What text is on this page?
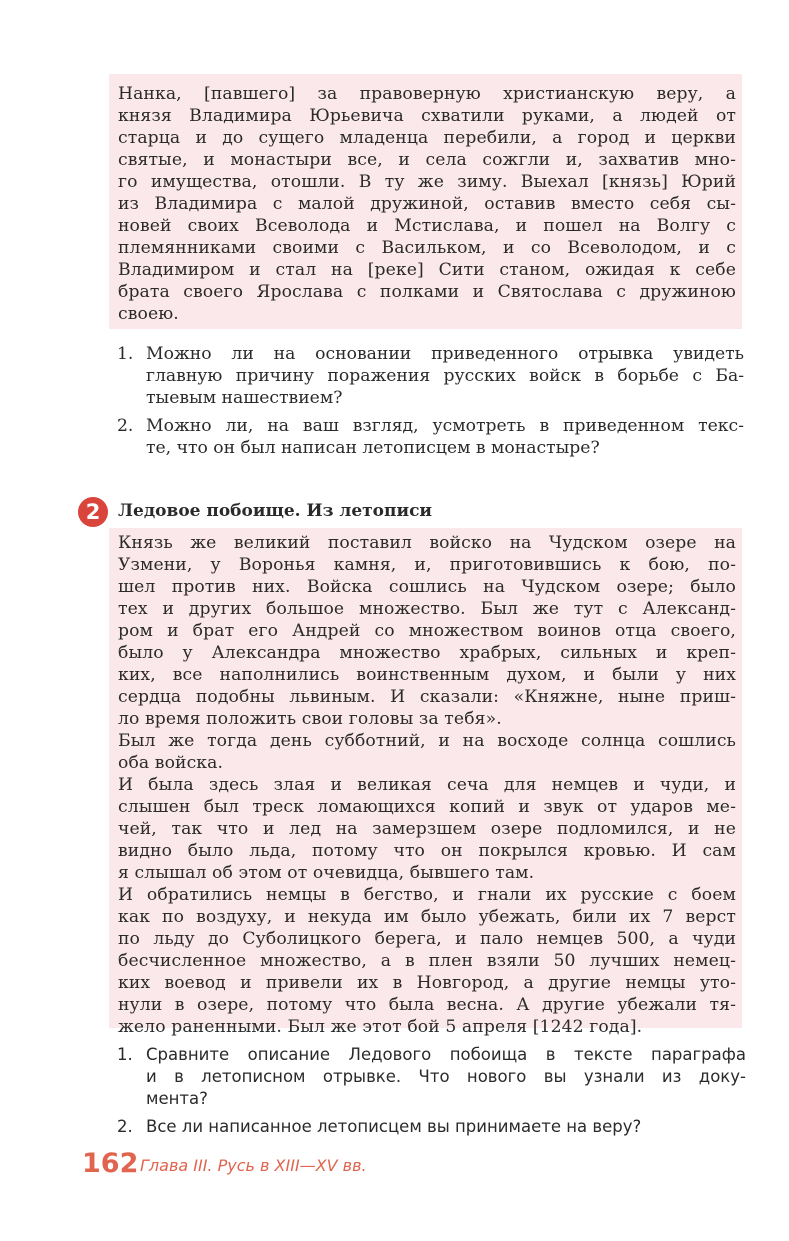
Нанка, [павшего] за правоверную христианскую веру, а
князя Владимира Юрьевича схватили руками, а людей от
старца и до сущего младенца перебили, а город и церкви
святые, и монастыри все, и села сожгли и, захватив мно-
го имущества, отошли. В ту же зиму. Выехал [князь] Юрий
из Владимира с малой дружиной, оставив вместо себя сы-
новей своих Всеволода и Мстислава, и пошел на Волгу с
племянниками своими с Васильком, и со Всеволодом, и с
Владимиром и стал на [реке] Сити станом, ожидая к себе
брата своего Ярослава с полками и Святослава с дружиною
своею.
1. Можно ли на основании приведенного отрывка увидеть
главную причину поражения русских войск в борьбе с Ба-
тыевым нашествием?
2. Можно ли, на ваш взгляд, усмотреть в приведенном текс-
те, что он был написан летописцем в монастыре?
2	Ледовое побоище. Из летописи
Князь же великий поставил войско на Чудском озере на
Узмени, у Воронья камня, и, приготовившись к бою, по-
шел против них. Войска сошлись на Чудском озере; было
тех и других большое множество. Был же тут с Александ-
ром и брат его Андрей со множеством воинов отца своего,
было у Александра множество храбрых, сильных и креп-
ких, все наполнились воинственным духом, и были у них
сердца подобны львиным. И сказали: «Княжне, ныне приш-
ло время положить свои головы за тебя».
Был же тогда день субботний, и на восходе солнца сошлись
оба войска.
И была здесь злая и великая сеча для немцев и чуди, и
слышен был треск ломающихся копий и звук от ударов ме-
чей, так что и лед на замерзшем озере подломился, и не
видно было льда, потому что он покрылся кровью. И сам
я слышал об этом от очевидца, бывшего там.
И обратились немцы в бегство, и гнали их русские с боем
как по воздуху, и некуда им было убежать, били их 7 верст
по льду до Суболицкого берега, и пало немцев 500, а чуди
бесчисленное множество, а в плен взяли 50 лучших немец-
ких воевод и привели их в Новгород, а другие немцы уто-
нули в озере, потому что была весна. А другие убежали тя-
жело раненными. Был же этот бой 5 апреля [1242 года].
1. Сравните описание Ледового побоища в тексте параграфа
и в летописном отрывке. Что нового вы узнали из доку-
мента?
2. Все ли написанное летописцем вы принимаете на веру?
162 Глава III. Русь в XIII—XV вв.
